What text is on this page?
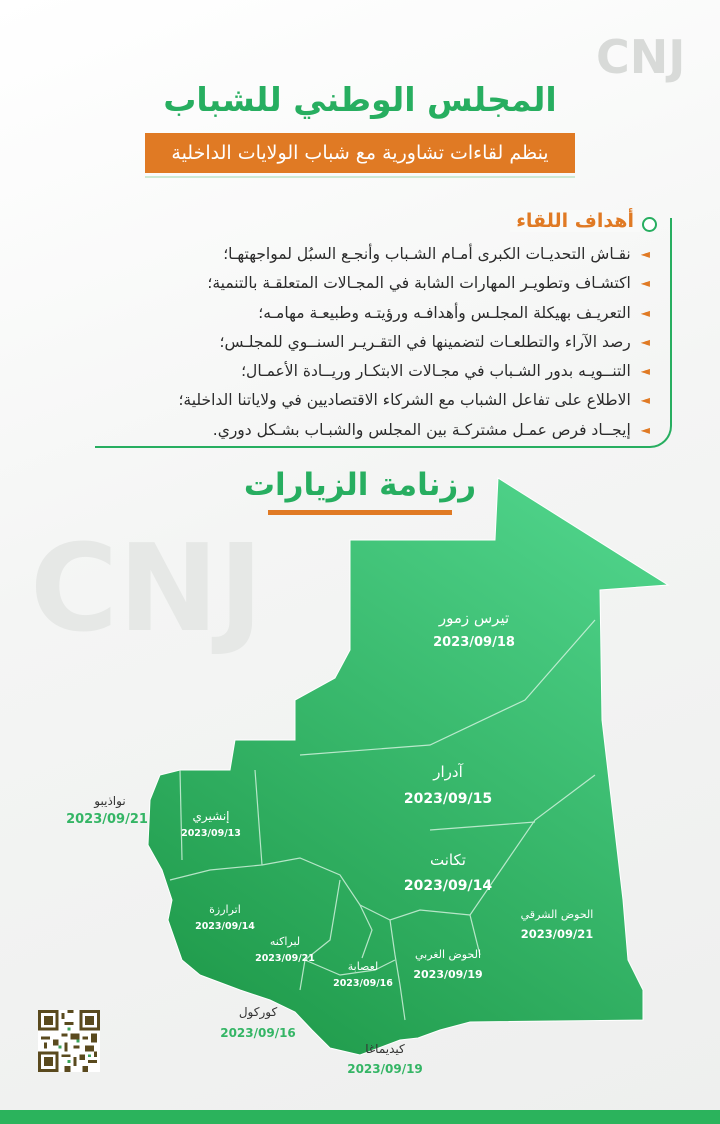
CNJ
CNJ
المجلس الوطني للشباب
ينظم لقاءات تشاورية مع شباب الولايات الداخلية
أهداف اللقاء
◄
نقـاش التحديـات الكبرى أمـام الشـباب وأنجـع السبُل لمواجهتهـا؛
◄
اكتشـاف وتطويـر المهارات الشابة في المجـالات المتعلقـة بالتنمية؛
◄
التعريـف بهيكلة المجلـس وأهدافـه ورؤيتـه وطبيعـة مهامـه؛
◄
رصد الآراء والتطلعـات لتضمينها في التقـريـر السنــوي للمجلـس؛
◄
التنــويـه بدور الشـباب في مجـالات الابتكـار وريــادة الأعمـال؛
◄
الاطلاع على تفاعل الشباب مع الشركاء الاقتصاديين في ولاياتنا الداخلية؛
◄
إيجــاد فرص عمـل مشتركـة بين المجلس والشبـاب بشـكل دوري.
تيرس زمور
2023/09/18
آدرار
2023/09/15
تكانت
2023/09/14
الحوض الشرقي
2023/09/21
الحوض الغربي
2023/09/19
لعصابة
2023/09/16
لبراكنه
2023/09/21
اترارزة
2023/09/14
إنشيري
2023/09/13
نواذيبو
2023/09/21
كوركول
2023/09/16
كيديماغا
2023/09/19
رزنامة الزيارات
